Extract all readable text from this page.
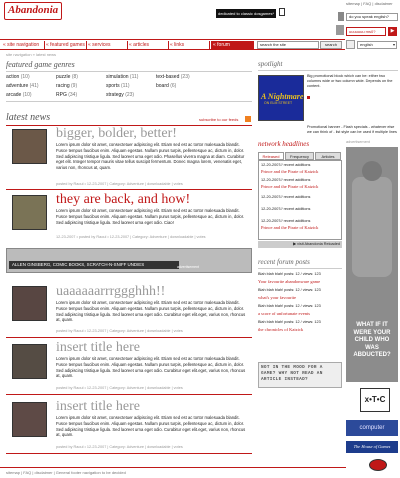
Abandonia
sitemap | FAQ | disclaimer
dedicated to classic dosgames*
do you speak english?
uuuuuuu ms0?	▶
« site navigation « featured games « services	« articles	« links	« forum	search the site	search	english	▾
site navigation » latest news
featured game genres
action (10)
adventure (41)
arcade (10)
puzzle (8)
racing (9)
RPG (34)
simulation (11)
sports (11)
strategy (23)
text-based (23)
board (6)
latest news	subscribe to our feeds
bigger, bolder, better!
Lorem ipsum dolor sit amet, consectetuer adipiscing elit. Etiam sed est ac tortor malesuada blandit. Fusce tempus faucibus enim. Aliquam egestas. Nullam purus turpis, pellentesque ac, dictum in, dolor. Sed adipiscing tristique ligula. Sed laoreet urna eget odio. Phasellus viverra magna at diam. Curabitur eget elit. Integer tempor mauris vitae tellus suscipit fermentum. Donec magna lorem, venenatis eget, varius non, rhoncus at, quam.
posted by Raoul • 12-23-2007 | Category: Adventure | downloadable | votes
they are back, and how!
Lorem ipsum dolor sit amet, consectetuer adipiscing elit. Etiam sed est ac tortor malesuada blandit. Fusce tempus faucibus enim. Aliquam egestas. Nullam purus turpis, pellentesque ac, dictum in, dolor. Sed adipiscing tristique ligula. Sed laoreet urna eget odio. Ciao!
12-23-2007 • posted by Raoul • 12-23-2007 | Category: Adventure | downloadable | votes
ALLEN GINSBERG, COMIC BOOKS, SCRATCH-N-SNIFF UNDIES	advertisement
uaaaaaarrrggghhh!!
Lorem ipsum dolor sit amet, consectetuer adipiscing elit. Etiam sed est ac tortor malesuada blandit. Fusce tempus faucibus enim. Aliquam egestas. Nullam purus turpis, pellentesque ac, dictum in, dolor. Sed adipiscing tristique ligula. Sed laoreet urna eget odio. Curabitur eget elit.eget, varius non, rhoncus at, quam.
posted by Raoul • 12-23-2007 | Category: Adventure | downloadable | votes
insert title here
Lorem ipsum dolor sit amet, consectetuer adipiscing elit. Etiam sed est ac tortor malesuada blandit. Fusce tempus faucibus enim. Aliquam egestas. Nullam purus turpis, pellentesque ac, dictum in, dolor. Sed adipiscing tristique ligula. Sed laoreet urna eget odio. Curabitur eget elit.eget, varius non, rhoncus at, quam.
posted by Raoul • 12-23-2007 | Category: Adventure | downloadable | votes
insert title here
Lorem ipsum dolor sit amet, consectetuer adipiscing elit. Etiam sed est ac tortor malesuada blandit. Fusce tempus faucibus enim. Aliquam egestas. Nullam purus turpis, pellentesque ac, dictum in, dolor. Sed adipiscing tristique ligula. Sed laoreet urna eget odio. Curabitur eget elit.eget, varius non, rhoncus at, quam.
posted by Raoul • 12-23-2007 | Category: Adventure | downloadable | votes
spotlight
A Nightmare
ON ELM STREET
Big promotional block which can be: either two columns wide or two column wide. Depends on the content.
Promotional banner - Flash specials - whatever else we can think of - list style can be used if multiple lines
network headlines
Released	Frequency	Articles
12-20-2007// recent additions
Prince and the Pirate of Kaizick
12-20-2007// recent additions
Prince and the Pirate of Kaizick
12-20-2007// recent additions
12-20-2007// recent additions
12-20-2007// recent additions
Prince and the Pirate of Kaizick
▶ visit Abandonia Reloaded
recent forum posts
Blah blah blah! posts: 12 / views: 123
Your favourite abandonware game
Blah blah blah! posts: 12 / views: 123
what's your favourite
Blah blah blah! posts: 12 / views: 123
a score of unfortunate events
Blah blah blah! posts: 12 / views: 123
the chronicles of Kaizick
NOT IN THE MOOD FOR A GAME? WHY NOT READ AN ARTICLE INSTEAD?
advertisement
WHAT IF IT WERE YOUR CHILD WHO WAS ABDUCTED?
x•T•C
computer
The House of Games
sitemap | FAQ | disclaimer | General footer navigation to be decided
